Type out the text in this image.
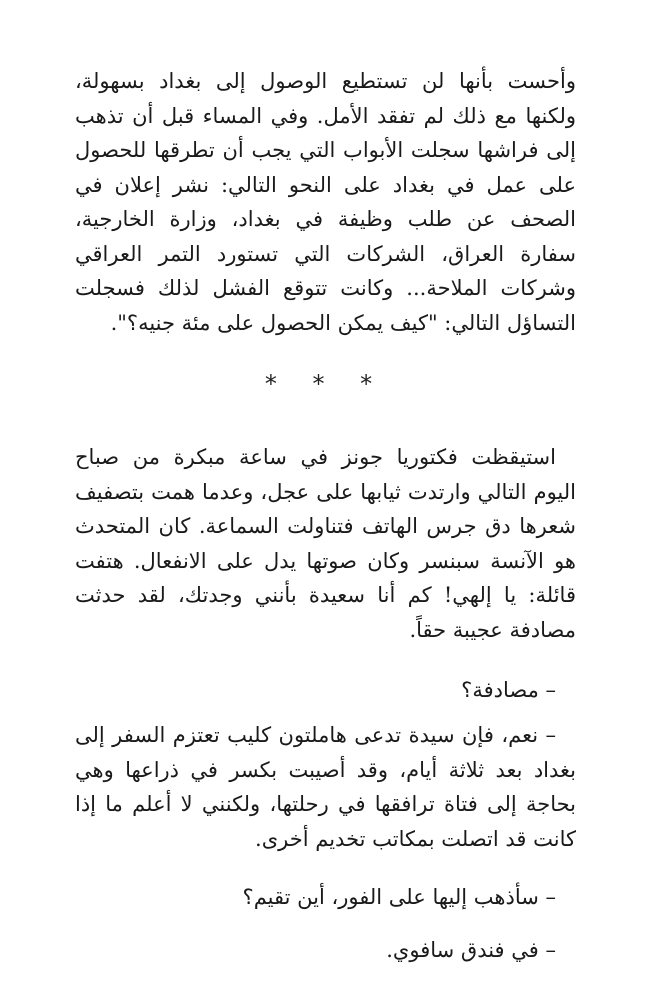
وأحست بأنها لن تستطيع الوصول إلى بغداد بسهولة، ولكنها مع ذلك لم تفقد الأمل. وفي المساء قبل أن تذهب إلى فراشها سجلت الأبواب التي يجب أن تطرقها للحصول على عمل في بغداد على النحو التالي: نشر إعلان في الصحف عن طلب وظيفة في بغداد، وزارة الخارجية، سفارة العراق، الشركات التي تستورد التمر العراقي وشركات الملاحة... وكانت تتوقع الفشل لذلك فسجلت التساؤل التالي: "كيف يمكن الحصول على مئة جنيه؟".

* * *

استيقظت فكتوريا جونز في ساعة مبكرة من صباح اليوم التالي وارتدت ثيابها على عجل، وعدما همت بتصفيف شعرها دق جرس الهاتف فتناولت السماعة. كان المتحدث هو الآنسة سبنسر وكان صوتها يدل على الانفعال. هتفت قائلة: يا إلهي! كم أنا سعيدة بأنني وجدتك، لقد حدثت مصادفة عجيبة حقاً.

– مصادفة؟

– نعم، فإن سيدة تدعى هاملتون كليب تعتزم السفر إلى بغداد بعد ثلاثة أيام، وقد أصيبت بكسر في ذراعها وهي بحاجة إلى فتاة ترافقها في رحلتها، ولكنني لا أعلم ما إذا كانت قد اتصلت بمكاتب تخديم أخرى.

– سأذهب إليها على الفور، أين تقيم؟

– في فندق سافوي.
